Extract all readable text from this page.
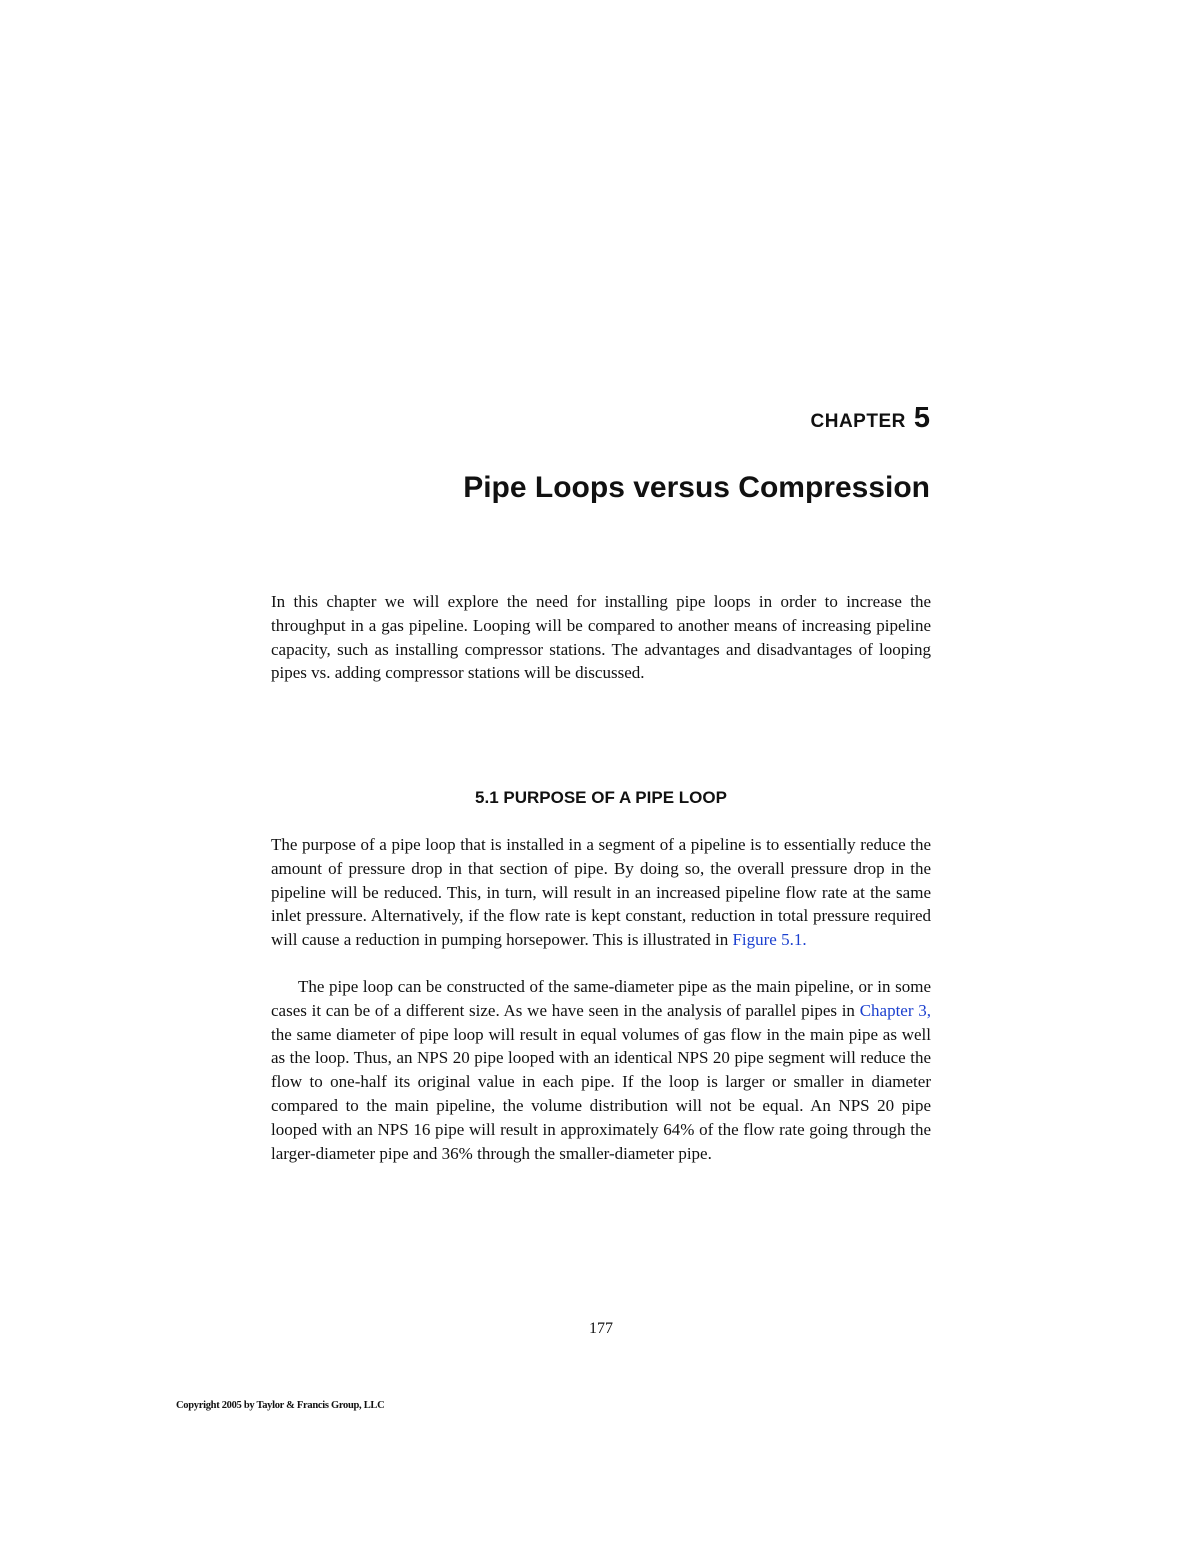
CHAPTER 5
Pipe Loops versus Compression

In this chapter we will explore the need for installing pipe loops in order to increase the throughput in a gas pipeline. Looping will be compared to another means of increasing pipeline capacity, such as installing compressor stations. The advantages and disadvantages of looping pipes vs. adding compressor stations will be discussed.

5.1 PURPOSE OF A PIPE LOOP

The purpose of a pipe loop that is installed in a segment of a pipeline is to essentially reduce the amount of pressure drop in that section of pipe. By doing so, the overall pressure drop in the pipeline will be reduced. This, in turn, will result in an increased pipeline flow rate at the same inlet pressure. Alternatively, if the flow rate is kept constant, reduction in total pressure required will cause a reduction in pumping horsepower. This is illustrated in Figure 5.1.

The pipe loop can be constructed of the same-diameter pipe as the main pipeline, or in some cases it can be of a different size. As we have seen in the analysis of parallel pipes in Chapter 3, the same diameter of pipe loop will result in equal volumes of gas flow in the main pipe as well as the loop. Thus, an NPS 20 pipe looped with an identical NPS 20 pipe segment will reduce the flow to one-half its original value in each pipe. If the loop is larger or smaller in diameter compared to the main pipeline, the volume distribution will not be equal. An NPS 20 pipe looped with an NPS 16 pipe will result in approximately 64% of the flow rate going through the larger-diameter pipe and 36% through the smaller-diameter pipe.

177
Copyright 2005 by Taylor & Francis Group, LLC
